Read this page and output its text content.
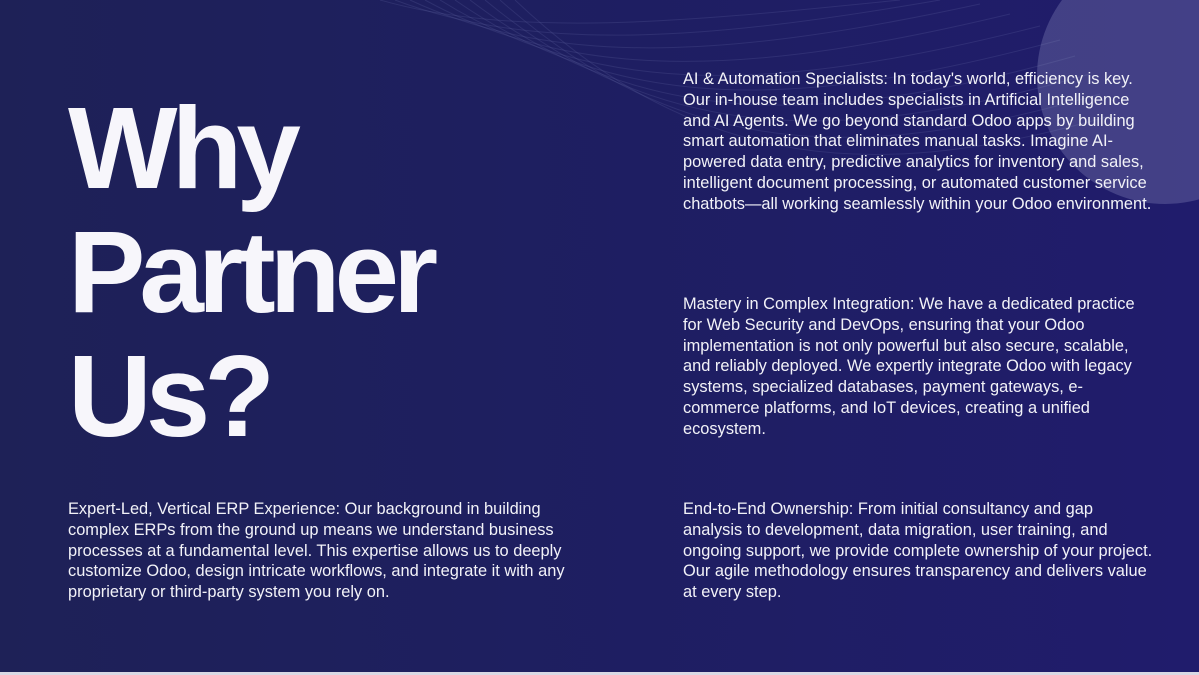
Why
Partner
Us?

AI & Automation Specialists: In today's world, efficiency is key. Our in-house team includes specialists in Artificial Intelligence and AI Agents. We go beyond standard Odoo apps by building smart automation that eliminates manual tasks. Imagine AI-powered data entry, predictive analytics for inventory and sales, intelligent document processing, or automated customer service chatbots—all working seamlessly within your Odoo environment.

Mastery in Complex Integration: We have a dedicated practice for Web Security and DevOps, ensuring that your Odoo implementation is not only powerful but also secure, scalable, and reliably deployed. We expertly integrate Odoo with legacy systems, specialized databases, payment gateways, e-commerce platforms, and IoT devices, creating a unified ecosystem.

Expert-Led, Vertical ERP Experience: Our background in building complex ERPs from the ground up means we understand business processes at a fundamental level. This expertise allows us to deeply customize Odoo, design intricate workflows, and integrate it with any proprietary or third-party system you rely on.

End-to-End Ownership: From initial consultancy and gap analysis to development, data migration, user training, and ongoing support, we provide complete ownership of your project. Our agile methodology ensures transparency and delivers value at every step.
